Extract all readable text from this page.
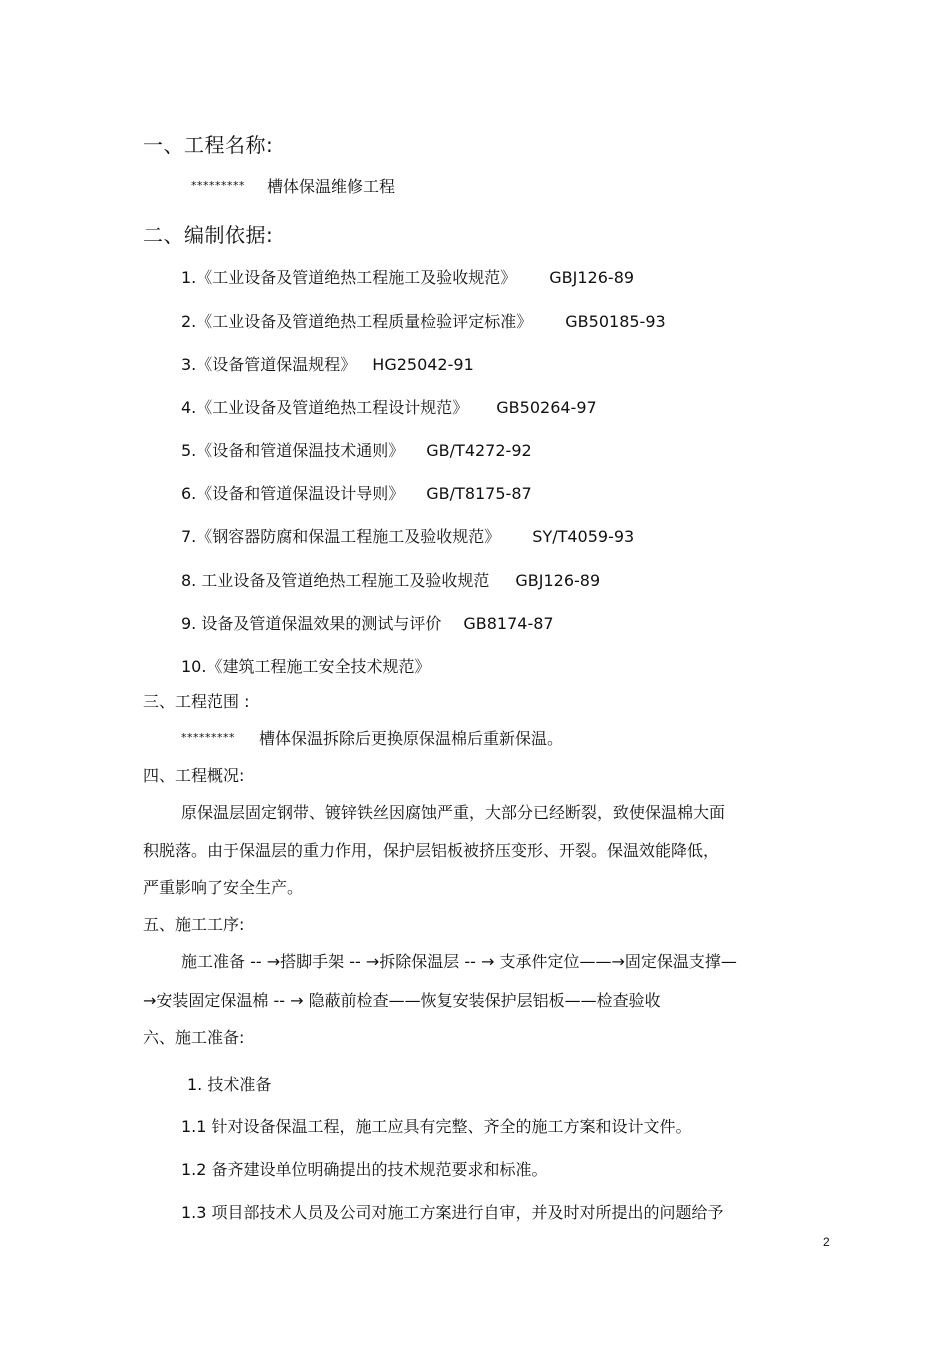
一、工程名称:
********* 槽体保温维修工程
二、编制依据:
1.《工业设备及管道绝热工程施工及验收规范》 GBJ126-89
2.《工业设备及管道绝热工程质量检验评定标准》 GB50185-93
3.《设备管道保温规程》 HG25042-91
4.《工业设备及管道绝热工程设计规范》 GB50264-97
5.《设备和管道保温技术通则》 GB/T4272-92
6.《设备和管道保温设计导则》 GB/T8175-87
7.《钢容器防腐和保温工程施工及验收规范》 SY/T4059-93
8. 工业设备及管道绝热工程施工及验收规范 GBJ126-89
9. 设备及管道保温效果的测试与评价 GB8174-87
10.《建筑工程施工安全技术规范》
三、工程范围 :
********* 槽体保温拆除后更换原保温棉后重新保温。
四、工程概况:
原保温层固定钢带、镀锌铁丝因腐蚀严重，大部分已经断裂，致使保温棉大面
积脱落。由于保温层的重力作用，保护层铝板被挤压变形、开裂。保温效能降低，
严重影响了安全生产。
五、施工工序:
施工准备 -- →搭脚手架 -- →拆除保温层 -- → 支承件定位——→固定保温支撑—
→安装固定保温棉 -- → 隐蔽前检查——恢复安装保护层铝板——检查验收
六、施工准备:
1. 技术准备
1.1 针对设备保温工程，施工应具有完整、齐全的施工方案和设计文件。
1.2 备齐建设单位明确提出的技术规范要求和标准。
1.3 项目部技术人员及公司对施工方案进行自审，并及时对所提出的问题给予
2
